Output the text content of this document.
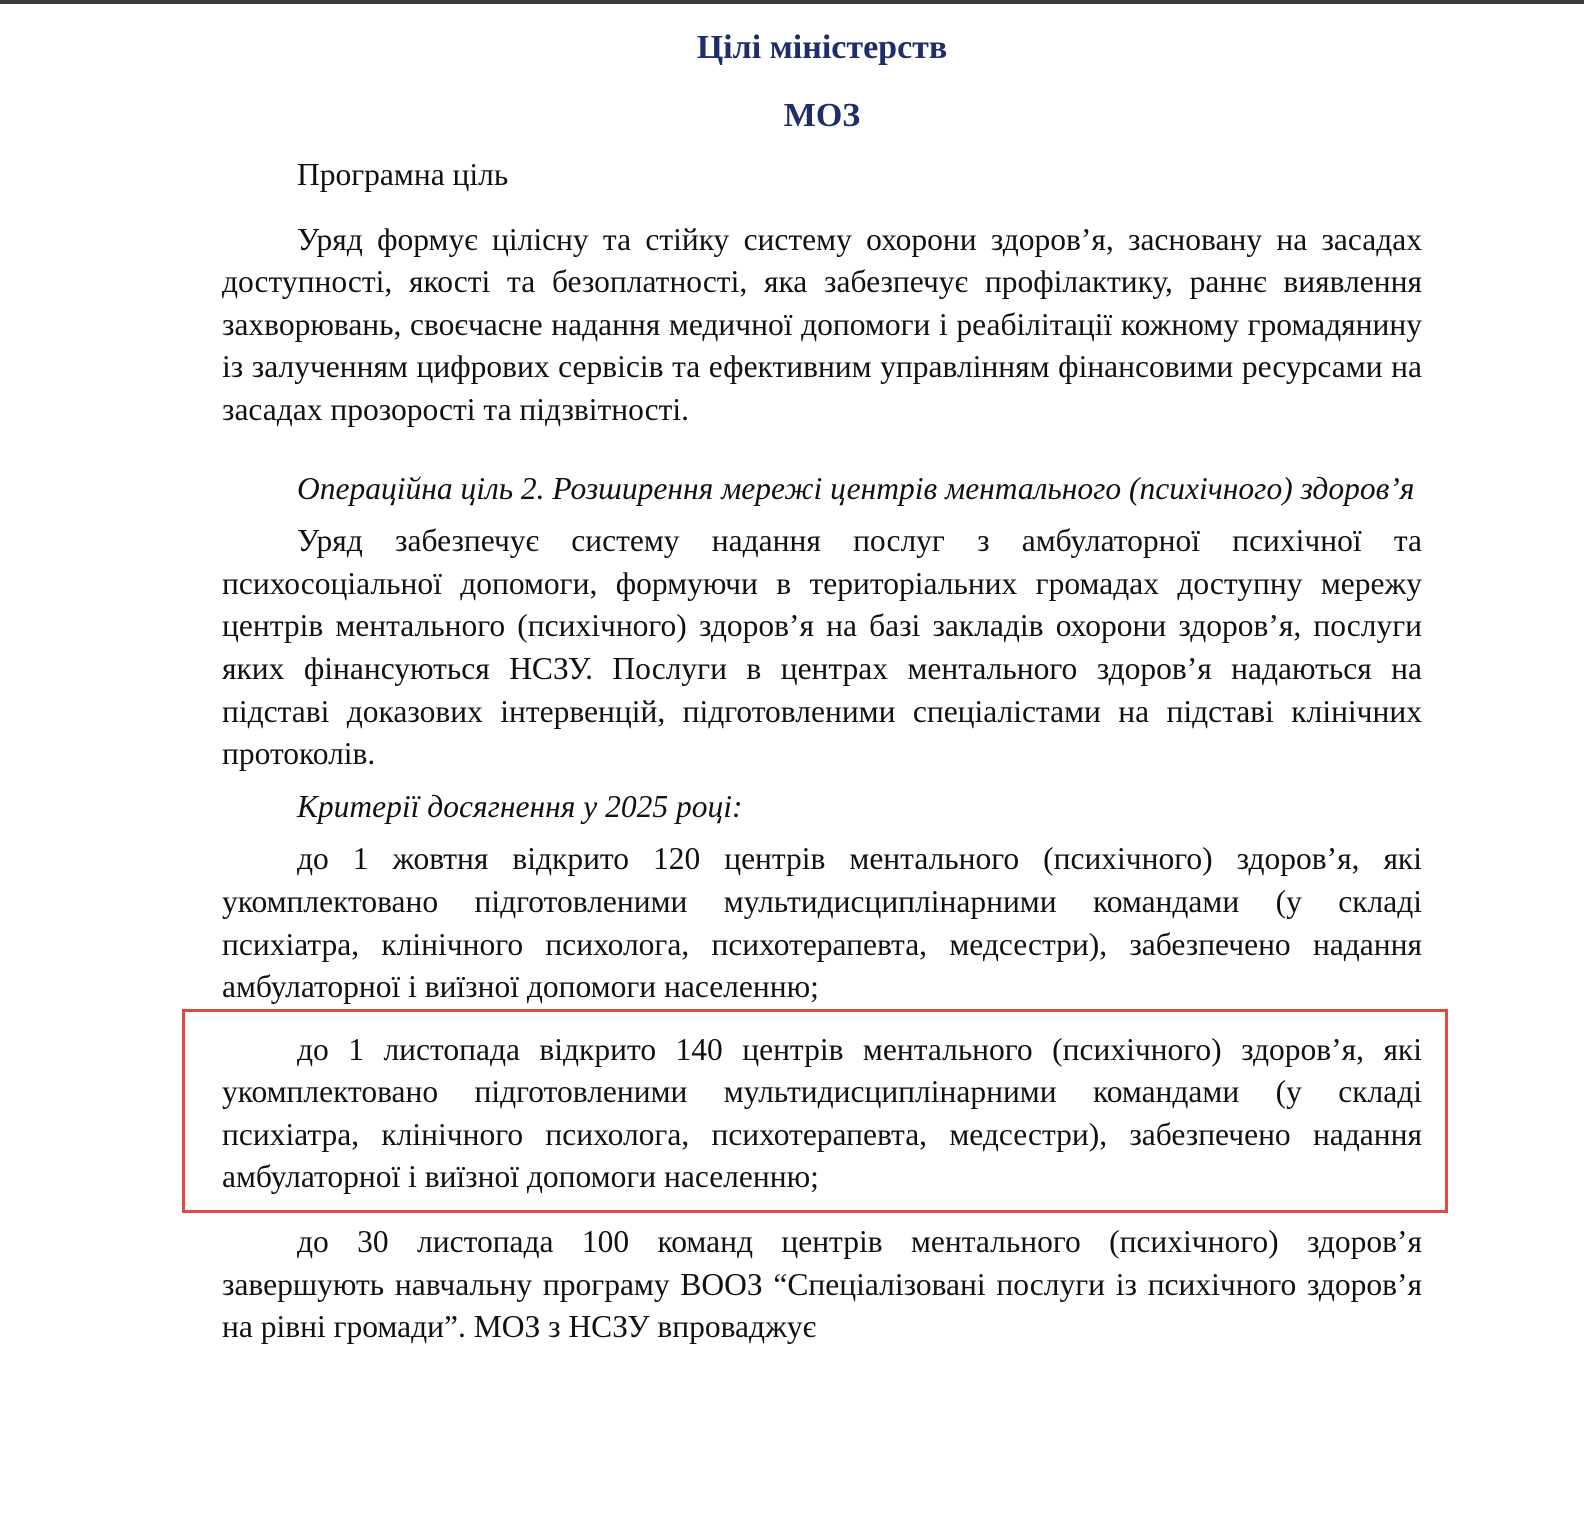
Цілі міністерств
МОЗ

Програмна ціль

Уряд формує цілісну та стійку систему охорони здоров’я, засновану на засадах доступності, якості та безоплатності, яка забезпечує профілактику, раннє виявлення захворювань, своєчасне надання медичної допомоги і реабілітації кожному громадянину із залученням цифрових сервісів та ефективним управлінням фінансовими ресурсами на засадах прозорості та підзвітності.

Операційна ціль 2. Розширення мережі центрів ментального (психічного) здоров’я

Уряд забезпечує систему надання послуг з амбулаторної психічної та психосоціальної допомоги, формуючи в територіальних громадах доступну мережу центрів ментального (психічного) здоров’я на базі закладів охорони здоров’я, послуги яких фінансуються НСЗУ. Послуги в центрах ментального здоров’я надаються на підставі доказових інтервенцій, підготовленими спеціалістами на підставі клінічних протоколів.

Критерії досягнення у 2025 році:

до 1 жовтня відкрито 120 центрів ментального (психічного) здоров’я, які укомплектовано підготовленими мультидисциплінарними командами (у складі психіатра, клінічного психолога, психотерапевта, медсестри), забезпечено надання амбулаторної і виїзної допомоги населенню;

до 1 листопада відкрито 140 центрів ментального (психічного) здоров’я, які укомплектовано підготовленими мультидисциплінарними командами (у складі психіатра, клінічного психолога, психотерапевта, медсестри), забезпечено надання амбулаторної і виїзної допомоги населенню;

до 30 листопада 100 команд центрів ментального (психічного) здоров’я завершують навчальну програму ВООЗ “Спеціалізовані послуги із психічного здоров’я на рівні громади”. МОЗ з НСЗУ впроваджує
